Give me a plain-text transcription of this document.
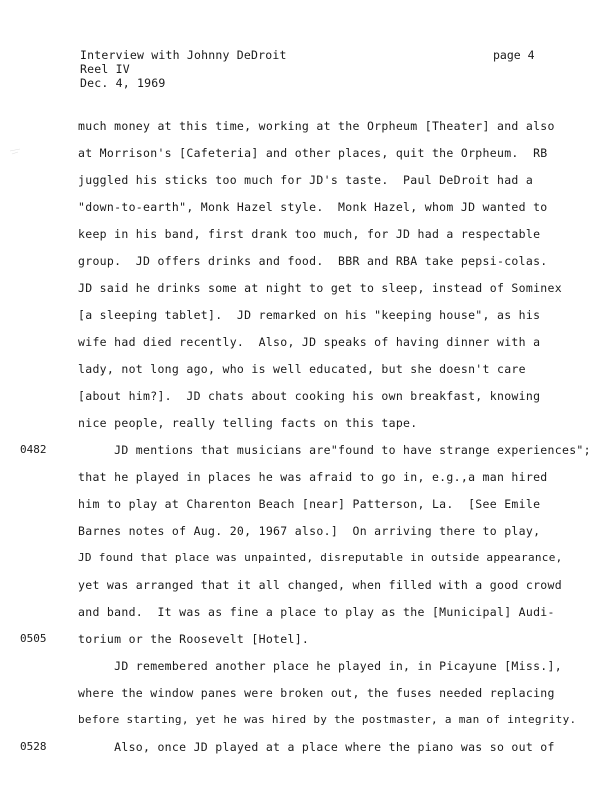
Interview with Johnny DeDroit
Reel IV
Dec. 4, 1969
page 4
much money at this time, working at the Orpheum [Theater] and also
at Morrison's [Cafeteria] and other places, quit the Orpheum.  RB
juggled his sticks too much for JD's taste.  Paul DeDroit had a
"down-to-earth", Monk Hazel style.  Monk Hazel, whom JD wanted to
keep in his band, first drank too much, for JD had a respectable
group.  JD offers drinks and food.  BBR and RBA take pepsi-colas.
JD said he drinks some at night to get to sleep, instead of Sominex
[a sleeping tablet].  JD remarked on his "keeping house", as his
wife had died recently.  Also, JD speaks of having dinner with a
lady, not long ago, who is well educated, but she doesn't care
[about him?].  JD chats about cooking his own breakfast, knowing
nice people, really telling facts on this tape.
JD mentions that musicians are"found to have strange experiences";
that he played in places he was afraid to go in, e.g.,a man hired
him to play at Charenton Beach [near] Patterson, La.  [See Emile
Barnes notes of Aug. 20, 1967 also.]  On arriving there to play,
JD found that place was unpainted, disreputable in outside appearance,
yet was arranged that it all changed, when filled with a good crowd
and band.  It was as fine a place to play as the [Municipal] Audi-
torium or the Roosevelt [Hotel].
JD remembered another place he played in, in Picayune [Miss.],
where the window panes were broken out, the fuses needed replacing
before starting, yet he was hired by the postmaster, a man of integrity.
Also, once JD played at a place where the piano was so out of
0482
0505
0528
